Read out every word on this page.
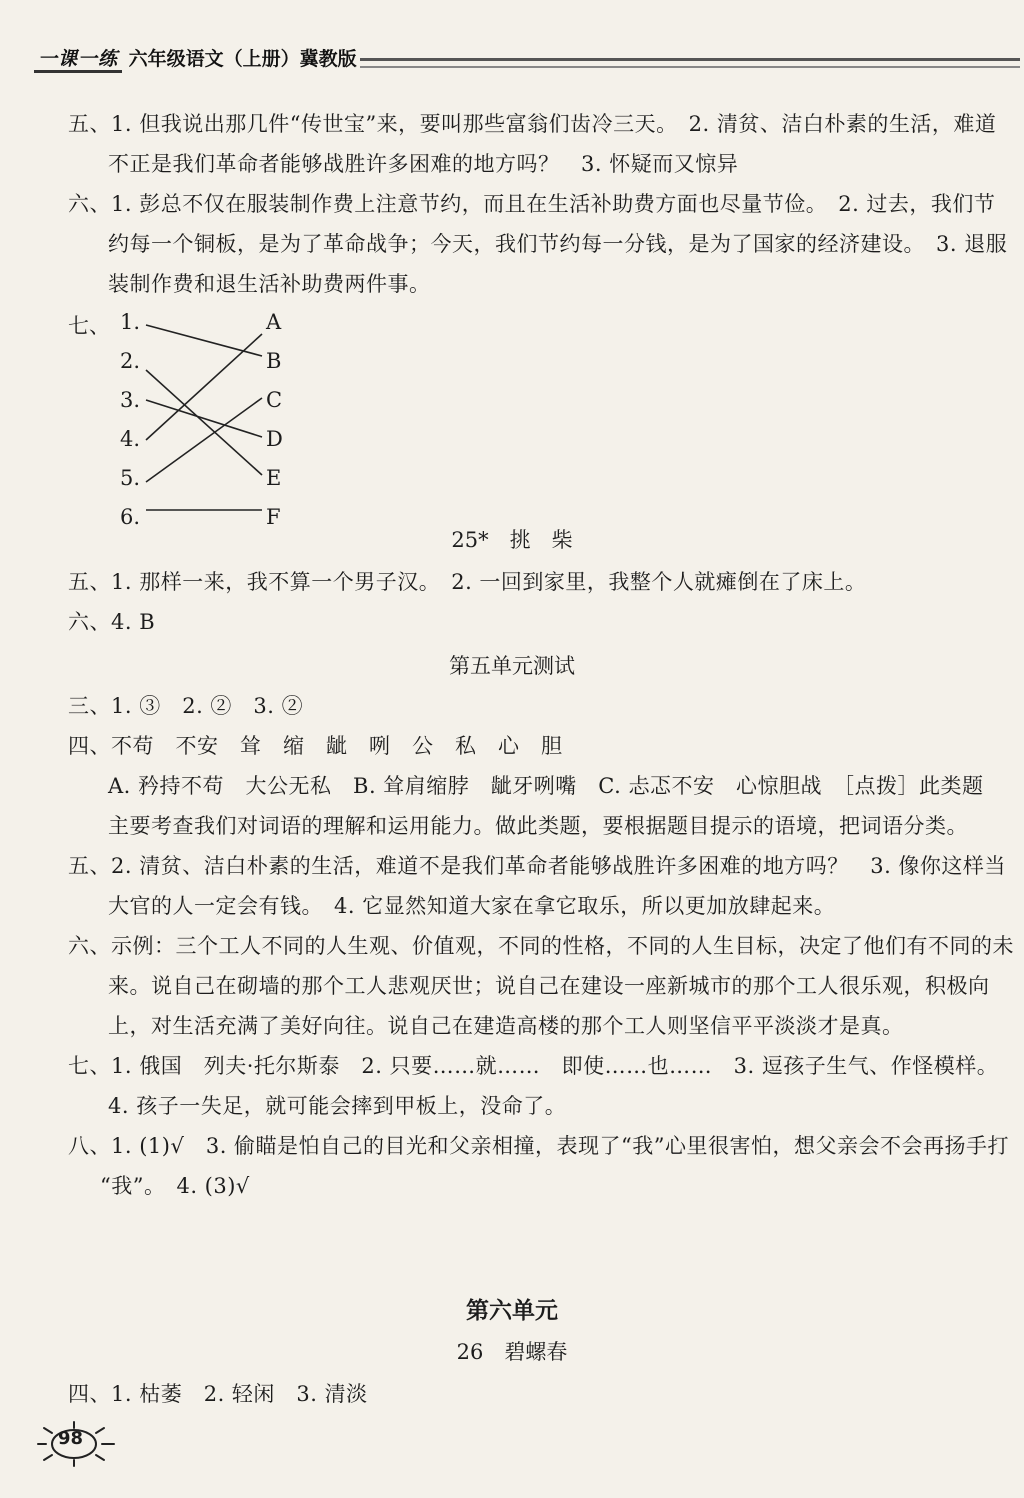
一课一练 六年级语文（上册）冀教版
五、1. 但我说出那几件“传世宝”来，要叫那些富翁们齿冷三天。　2. 清贫、洁白朴素的生活，难道
不正是我们革命者能够战胜许多困难的地方吗？　3. 怀疑而又惊异
六、1. 彭总不仅在服装制作费上注意节约，而且在生活补助费方面也尽量节俭。　2. 过去，我们节
约每一个铜板，是为了革命战争；今天，我们节约每一分钱，是为了国家的经济建设。　3. 退服
装制作费和退生活补助费两件事。
七、 1.
2.
3.
4.
5.
6.
A
B
C
D
E
F
25*　挑　柴
五、1. 那样一来，我不算一个男子汉。　2. 一回到家里，我整个人就瘫倒在了床上。
六、4. B
第五单元测试
三、1. ③　2. ②　3. ②
四、不苟　不安　耸　缩　龇　咧　公　私　心　胆
A. 矜持不苟　大公无私　B. 耸肩缩脖　龇牙咧嘴　C. 忐忑不安　心惊胆战　［点拨］此类题
主要考查我们对词语的理解和运用能力。做此类题，要根据题目提示的语境，把词语分类。
五、2. 清贫、洁白朴素的生活，难道不是我们革命者能够战胜许多困难的地方吗？　3. 像你这样当
大官的人一定会有钱。　4. 它显然知道大家在拿它取乐，所以更加放肆起来。
六、示例：三个工人不同的人生观、价值观，不同的性格，不同的人生目标，决定了他们有不同的未
来。说自己在砌墙的那个工人悲观厌世；说自己在建设一座新城市的那个工人很乐观，积极向
上，对生活充满了美好向往。说自己在建造高楼的那个工人则坚信平平淡淡才是真。
七、1. 俄国　列夫·托尔斯泰　2. 只要……就……　即使……也……　3. 逗孩子生气、作怪模样。
4. 孩子一失足，就可能会摔到甲板上，没命了。
八、1. (1)√　3. 偷瞄是怕自己的目光和父亲相撞，表现了“我”心里很害怕，想父亲会不会再扬手打
“我”。　4. (3)√
第六单元
26　碧螺春
四、1. 枯萎　2. 轻闲　3. 清淡
98
